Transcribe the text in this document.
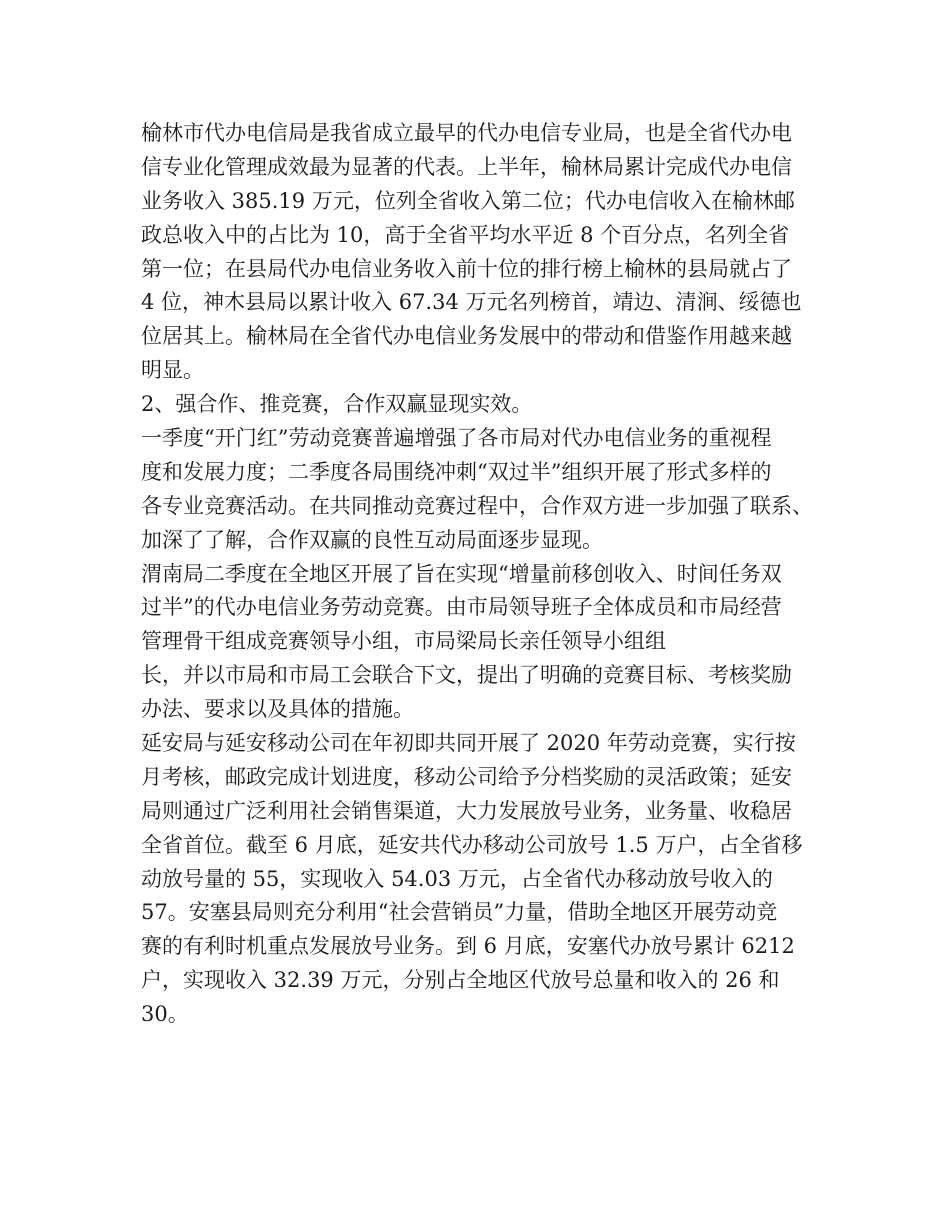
榆林市代办电信局是我省成立最早的代办电信专业局，也是全省代办电
信专业化管理成效最为显著的代表。上半年，榆林局累计完成代办电信
业务收入 385.19 万元，位列全省收入第二位；代办电信收入在榆林邮
政总收入中的占比为 10，高于全省平均水平近 8 个百分点，名列全省
第一位；在县局代办电信业务收入前十位的排行榜上榆林的县局就占了
4 位，神木县局以累计收入 67.34 万元名列榜首，靖边、清涧、绥德也
位居其上。榆林局在全省代办电信业务发展中的带动和借鉴作用越来越
明显。
2、强合作、推竞赛，合作双赢显现实效。
一季度“开门红”劳动竞赛普遍增强了各市局对代办电信业务的重视程
度和发展力度；二季度各局围绕冲刺“双过半”组织开展了形式多样的
各专业竞赛活动。在共同推动竞赛过程中，合作双方进一步加强了联系、
加深了了解，合作双赢的良性互动局面逐步显现。
渭南局二季度在全地区开展了旨在实现“增量前移创收入、时间任务双
过半”的代办电信业务劳动竞赛。由市局领导班子全体成员和市局经营
管理骨干组成竞赛领导小组，市局梁局长亲任领导小组组
长，并以市局和市局工会联合下文，提出了明确的竞赛目标、考核奖励
办法、要求以及具体的措施。
延安局与延安移动公司在年初即共同开展了 2020 年劳动竞赛，实行按
月考核，邮政完成计划进度，移动公司给予分档奖励的灵活政策；延安
局则通过广泛利用社会销售渠道，大力发展放号业务，业务量、收稳居
全省首位。截至 6 月底，延安共代办移动公司放号 1.5 万户，占全省移
动放号量的 55，实现收入 54.03 万元，占全省代办移动放号收入的
57。安塞县局则充分利用“社会营销员”力量，借助全地区开展劳动竞
赛的有利时机重点发展放号业务。到 6 月底，安塞代办放号累计 6212
户，实现收入 32.39 万元，分别占全地区代放号总量和收入的 26 和
30。
